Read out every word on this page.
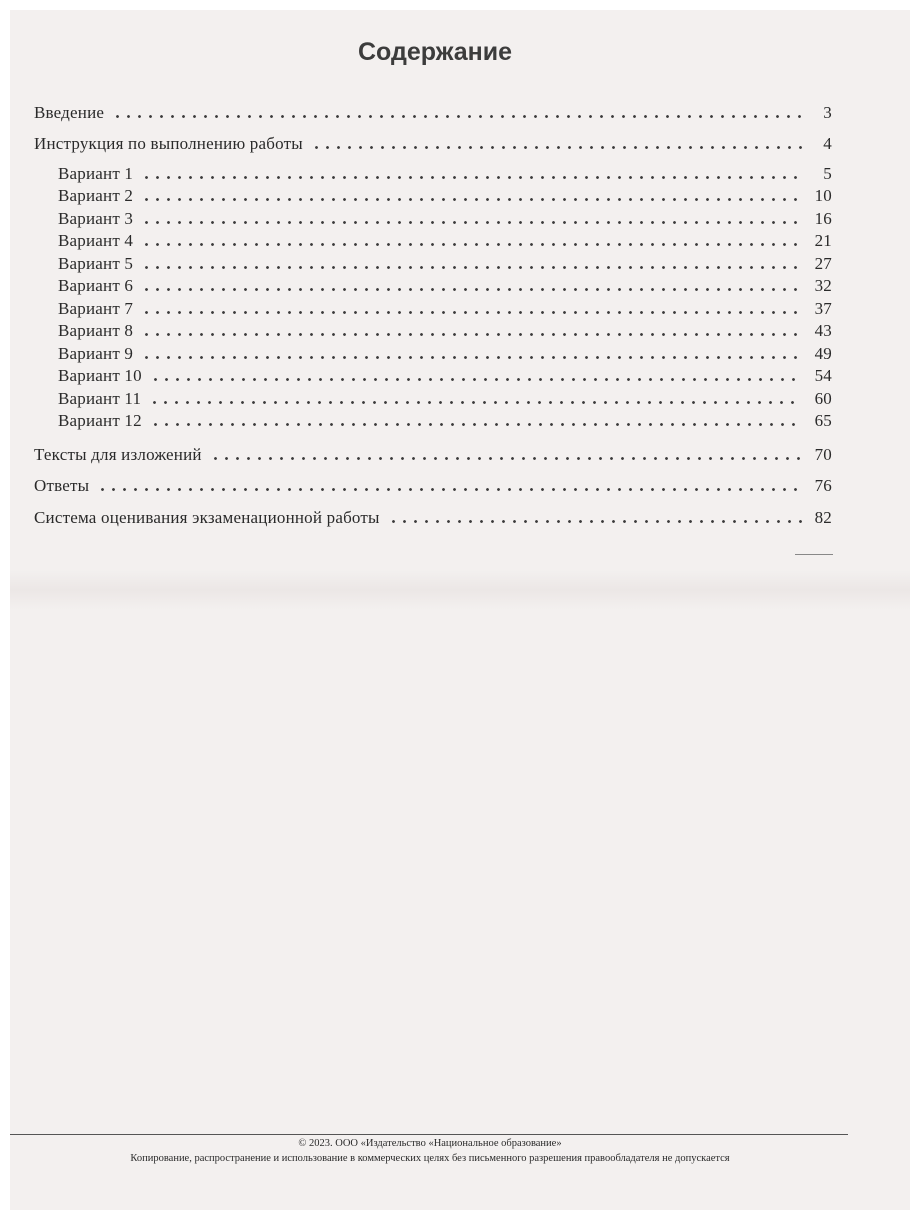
Содержание
Введение	3
Инструкция по выполнению работы	4
Вариант 1	5
Вариант 2	10
Вариант 3	16
Вариант 4	21
Вариант 5	27
Вариант 6	32
Вариант 7	37
Вариант 8	43
Вариант 9	49
Вариант 10	54
Вариант 11	60
Вариант 12	65
Тексты для изложений	70
Ответы	76
Система оценивания экзаменационной работы	82
© 2023. ООО «Издательство «Национальное образование»
Копирование, распространение и использование в коммерческих целях без письменного разрешения правообладателя не допускается
